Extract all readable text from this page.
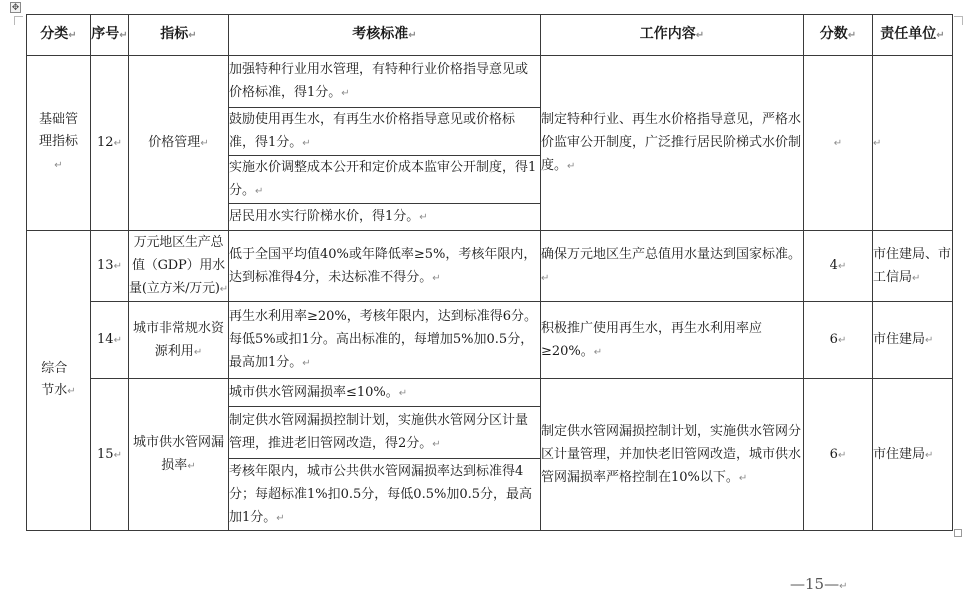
✥
分类↵	序号↵	指标↵	考核标准↵	工作内容↵	分数↵	责任单位↵
基础管理指标↵	12↵	价格管理↵	加强特种行业用水管理，有特种行业价格指导意见或价格标准，得1分。↵	制定特种行业、再生水价格指导意见，严格水价监审公开制度，广泛推行居民阶梯式水价制度。↵	↵	↵
			鼓励使用再生水，有再生水价格指导意见或价格标准，得1分。↵			
			实施水价调整成本公开和定价成本监审公开制度，得1分。↵			
			居民用水实行阶梯水价，得1分。↵			
综合节水↵	13↵	万元地区生产总值（GDP）用水量(立方米/万元)↵	低于全国平均值40%或年降低率≥5%，考核年限内，达到标准得4分，未达标准不得分。↵	确保万元地区生产总值用水量达到国家标准。↵	4↵	市住建局、市工信局↵
	14↵	城市非常规水资源利用↵	再生水利用率≥20%，考核年限内，达到标准得6分。每低5%或扣1分。高出标准的，每增加5%加0.5分，最高加1分。↵	积极推广使用再生水，再生水利用率应≥20%。↵	6↵	市住建局↵
	15↵	城市供水管网漏损率↵	城市供水管网漏损率≤10%。↵	制定供水管网漏损控制计划，实施供水管网分区计量管理，并加快老旧管网改造，城市供水管网漏损率严格控制在10%以下。↵	6↵	市住建局↵
			制定供水管网漏损控制计划，实施供水管网分区计量管理，推进老旧管网改造，得2分。↵			
			考核年限内，城市公共供水管网漏损率达到标准得4分；每超标准1%扣0.5分，每低0.5%加0.5分，最高加1分。↵			
—15—↵
